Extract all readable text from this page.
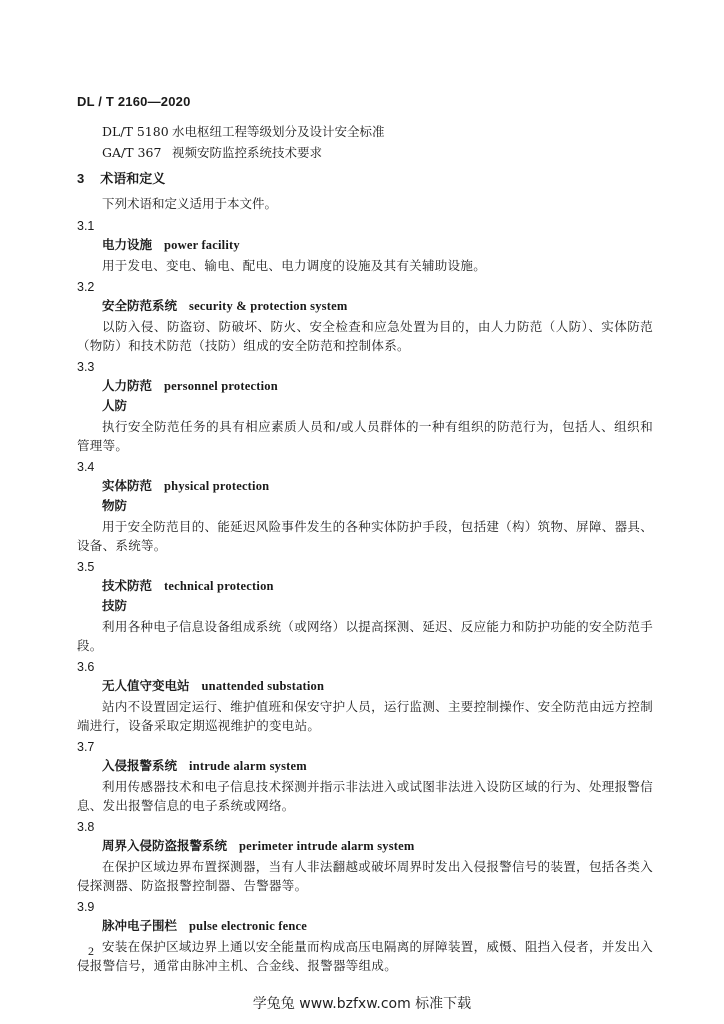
DL / T 2160—2020
DL/T 5180 水电枢纽工程等级划分及设计安全标准
GA/T 367 视频安防监控系统技术要求
3 术语和定义
下列术语和定义适用于本文件。
3.1
电力设施 power facility
用于发电、变电、输电、配电、电力调度的设施及其有关辅助设施。
3.2
安全防范系统 security & protection system
以防入侵、防盗窃、防破坏、防火、安全检查和应急处置为目的，由人力防范（人防）、实体防范（物防）和技术防范（技防）组成的安全防范和控制体系。
3.3
人力防范 personnel protection
人防
执行安全防范任务的具有相应素质人员和/或人员群体的一种有组织的防范行为，包括人、组织和管理等。
3.4
实体防范 physical protection
物防
用于安全防范目的、能延迟风险事件发生的各种实体防护手段，包括建（构）筑物、屏障、器具、设备、系统等。
3.5
技术防范 technical protection
技防
利用各种电子信息设备组成系统（或网络）以提高探测、延迟、反应能力和防护功能的安全防范手段。
3.6
无人值守变电站 unattended substation
站内不设置固定运行、维护值班和保安守护人员，运行监测、主要控制操作、安全防范由远方控制端进行，设备采取定期巡视维护的变电站。
3.7
入侵报警系统 intrude alarm system
利用传感器技术和电子信息技术探测并指示非法进入或试图非法进入设防区域的行为、处理报警信息、发出报警信息的电子系统或网络。
3.8
周界入侵防盗报警系统 perimeter intrude alarm system
在保护区域边界布置探测器，当有人非法翻越或破坏周界时发出入侵报警信号的装置，包括各类入侵探测器、防盗报警控制器、告警器等。
3.9
脉冲电子围栏 pulse electronic fence
安装在保护区域边界上通以安全能量而构成高压电隔离的屏障装置，威慑、阻挡入侵者，并发出入侵报警信号，通常由脉冲主机、合金线、报警器等组成。
2
学兔兔 www.bzfxw.com 标准下载
